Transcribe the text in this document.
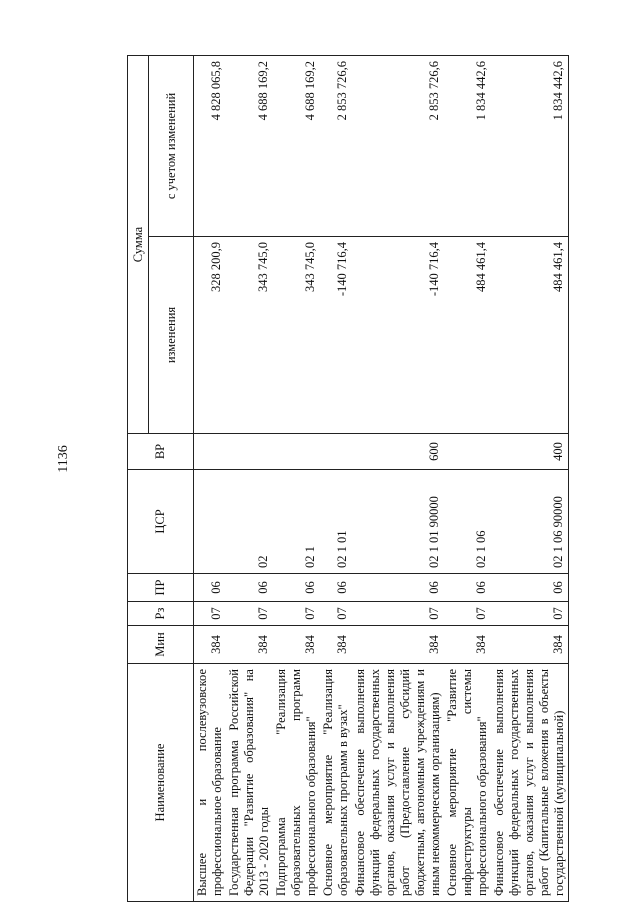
1136
Наименование	Мин	Рз	ПР	ЦСР	ВР	Сумма	
						изменения	с учетом изменений
Высшее и послевузовское профессиональное образование	384	07	06			328 200,9	4 828 065,8
Государственная программа Российской Федерации "Развитие образования" на 2013 - 2020 годы	384	07	06	02		343 745,0	4 688 169,2
Подпрограмма "Реализация образовательных программ профессионального образования"	384	07	06	02 1		343 745,0	4 688 169,2
Основное мероприятие "Реализация образовательных программ в вузах"	384	07	06	02 1 01		-140 716,4	2 853 726,6
Финансовое обеспечение выполнения функций федеральных государственных органов, оказания услуг и выполнения работ (Предоставление субсидий бюджетным, автономным учреждениям и иным некоммерческим организациям)	384	07	06	02 1 01 90000	600	-140 716,4	2 853 726,6
Основное мероприятие "Развитие инфраструктуры системы профессионального образования"	384	07	06	02 1 06		484 461,4	1 834 442,6
Финансовое обеспечение выполнения функций федеральных государственных органов, оказания услуг и выполнения работ (Капитальные вложения в объекты государственной (муниципальной)	384	07	06	02 1 06 90000	400	484 461,4	1 834 442,6
